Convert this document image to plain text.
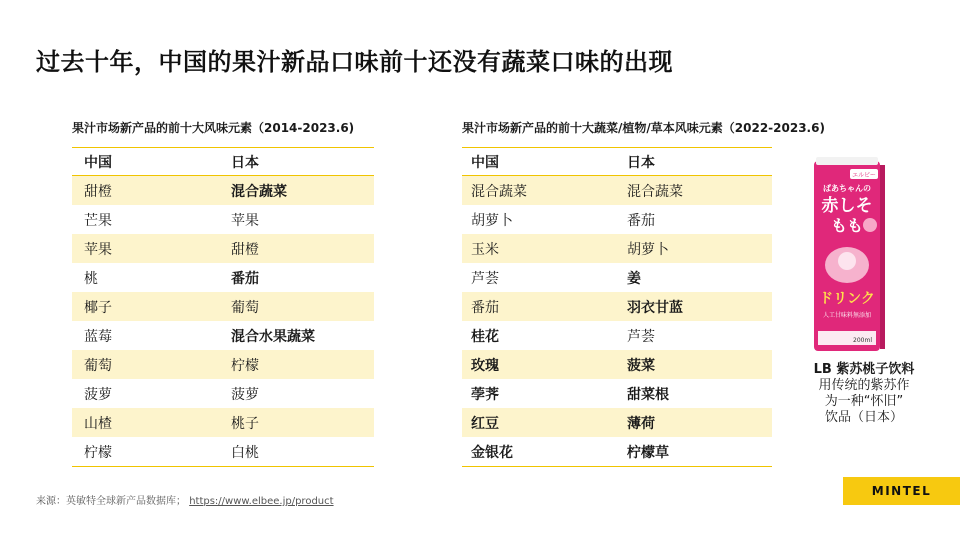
过去十年，中国的果汁新品口味前十还没有蔬菜口味的出现
果汁市场新产品的前十大风味元素（2014-2023.6)
中国	日本
甜橙	混合蔬菜
芒果	苹果
苹果	甜橙
桃	番茄
椰子	葡萄
蓝莓	混合水果蔬菜
葡萄	柠檬
菠萝	菠萝
山楂	桃子
柠檬	白桃
果汁市场新产品的前十大蔬菜/植物/草本风味元素（2022-2023.6)
中国	日本
混合蔬菜	混合蔬菜
胡萝卜	番茄
玉米	胡萝卜
芦荟	姜
番茄	羽衣甘蓝
桂花	芦荟
玫瑰	菠菜
荸荠	甜菜根
红豆	薄荷
金银花	柠檬草
エルビー
ばあちゃんの
赤しそ
もも
ドリンク
人工甘味料無添加
200ml
LB 紫苏桃子饮料
用传统的紫苏作
为一种“怀旧”
饮品（日本）
来源：英敏特全球新产品数据库； https://www.elbee.jp/product
MINTEL
